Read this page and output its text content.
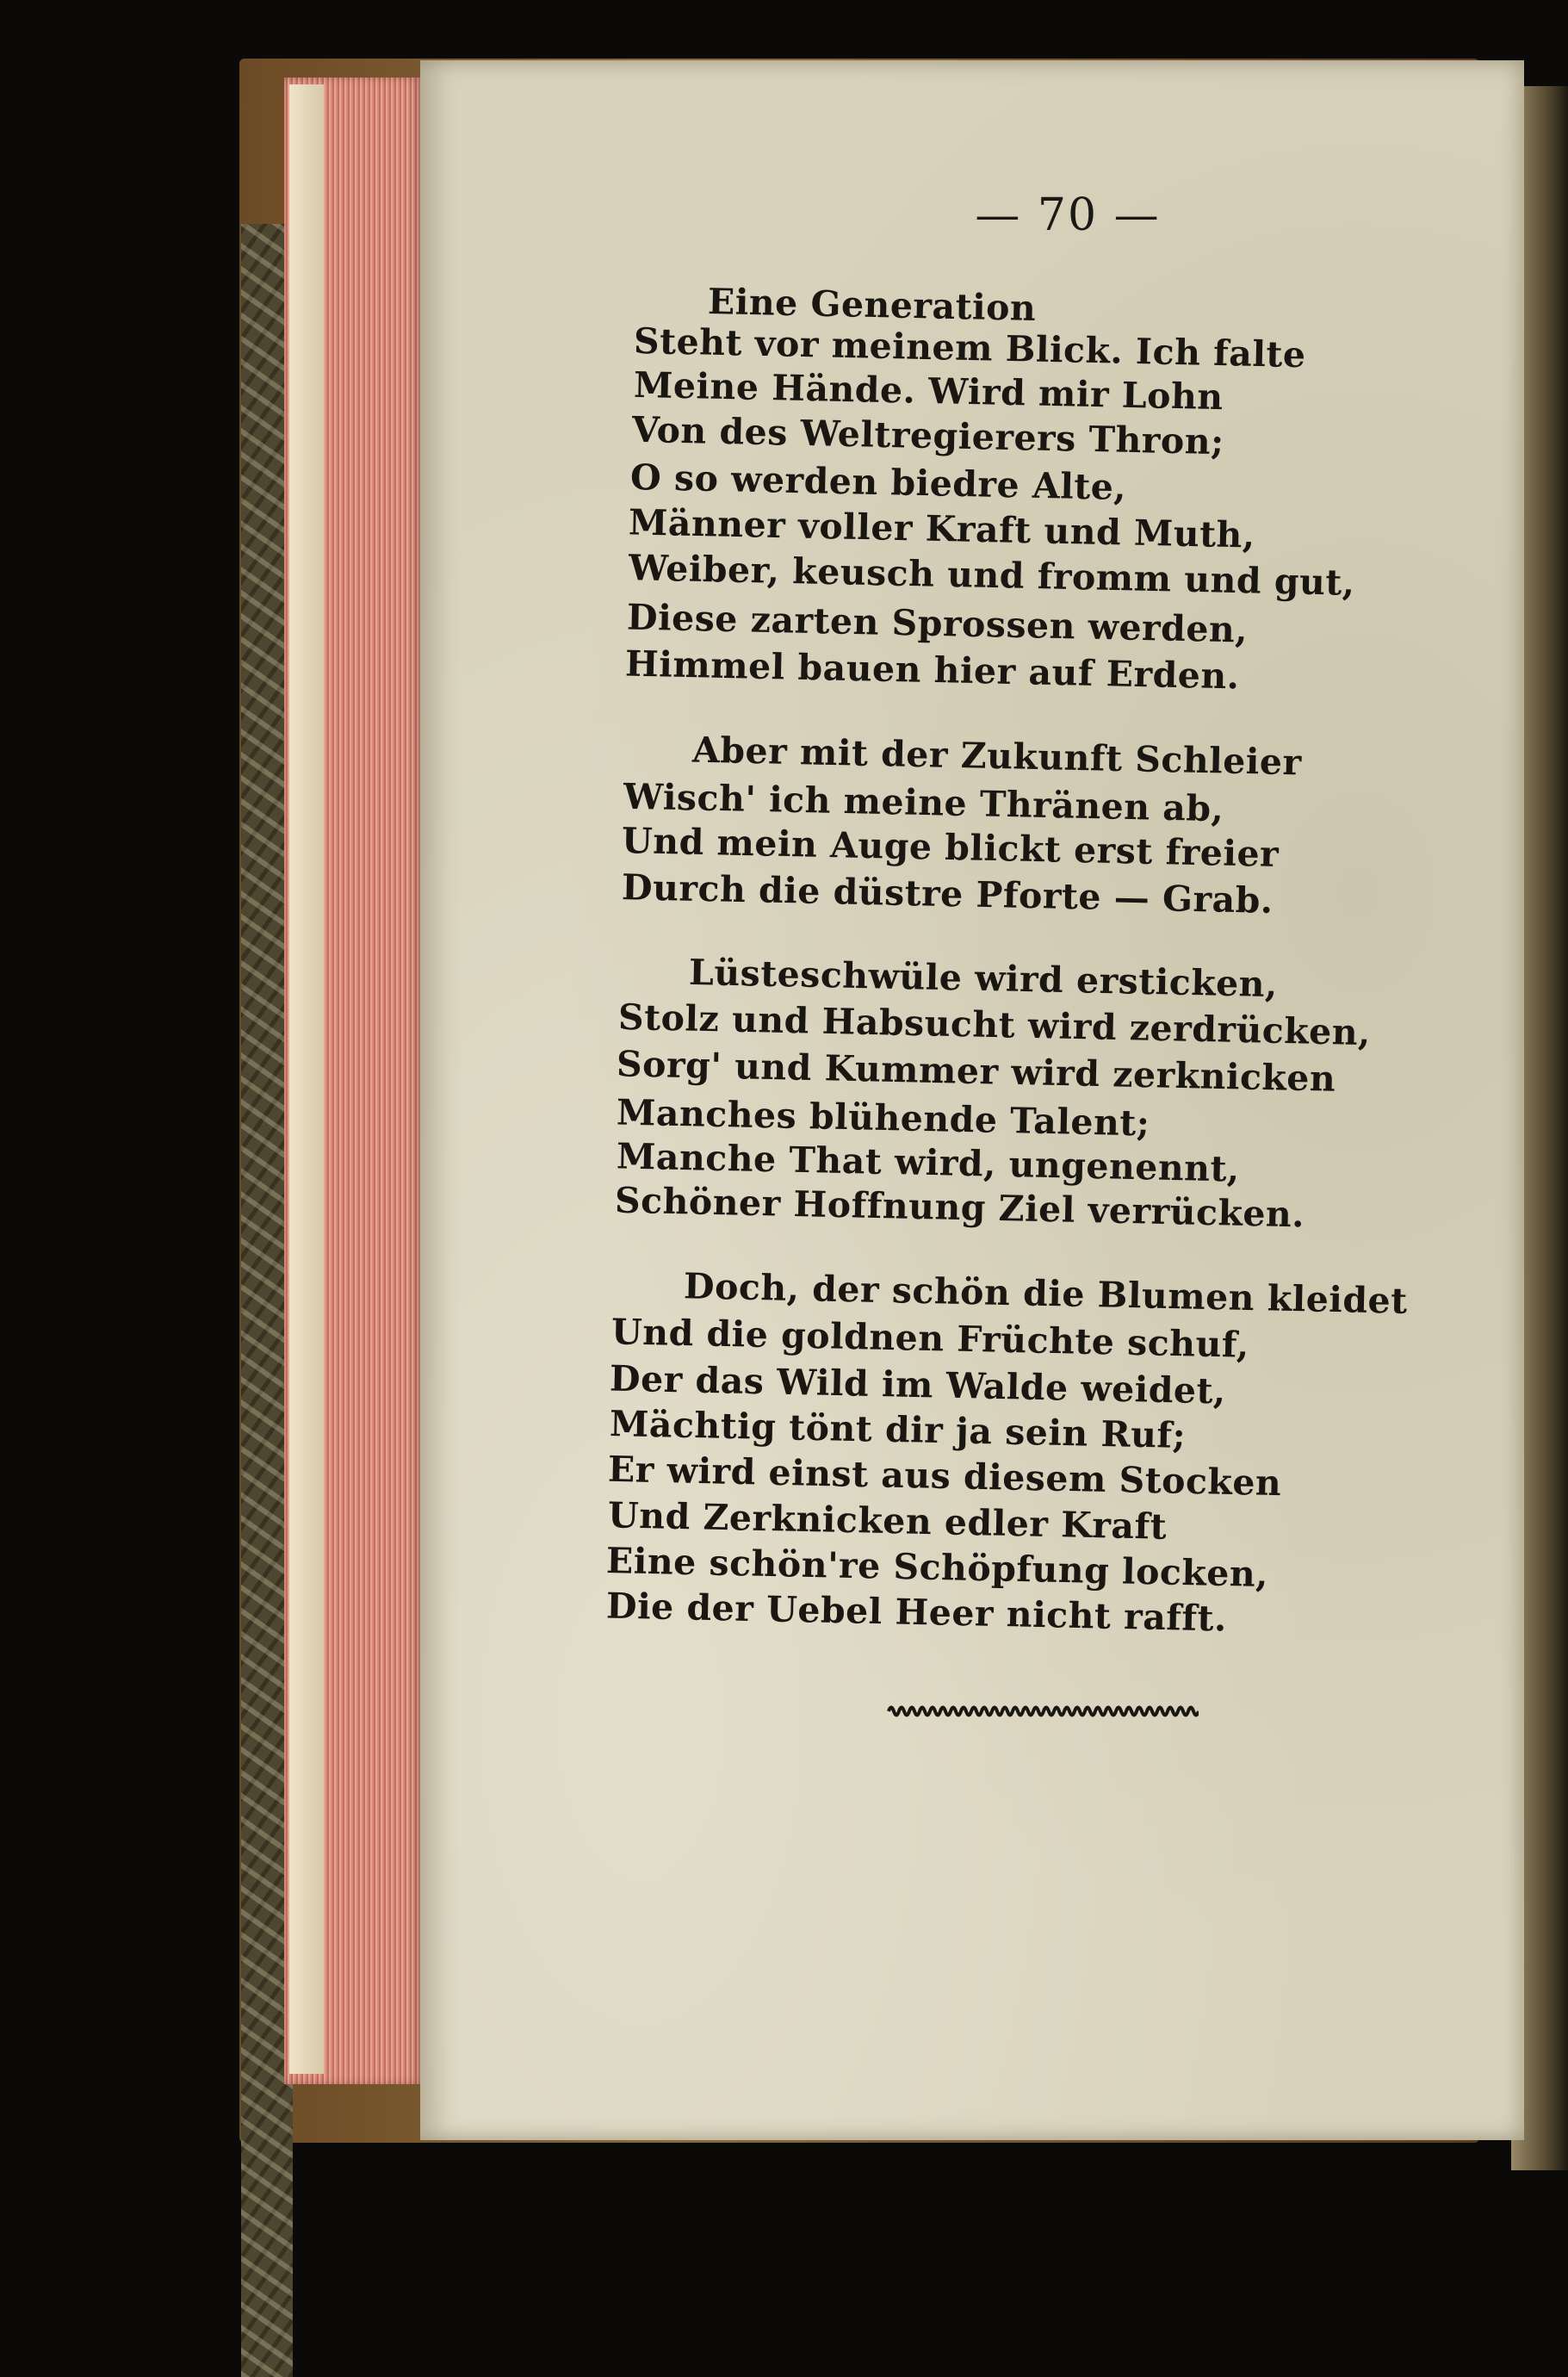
— 70 —
Eine Generation
Steht vor meinem Blick. Ich falte
Meine Hände. Wird mir Lohn
Von des Weltregierers Thron;
O so werden biedre Alte,
Männer voller Kraft und Muth,
Weiber, keusch und fromm und gut,
Diese zarten Sprossen werden,
Himmel bauen hier auf Erden.
Aber mit der Zukunft Schleier
Wisch' ich meine Thränen ab,
Und mein Auge blickt erst freier
Durch die düstre Pforte — Grab.
Lüsteschwüle wird ersticken,
Stolz und Habsucht wird zerdrücken,
Sorg' und Kummer wird zerknicken
Manches blühende Talent;
Manche That wird, ungenennt,
Schöner Hoffnung Ziel verrücken.
Doch, der schön die Blumen kleidet
Und die goldnen Früchte schuf,
Der das Wild im Walde weidet,
Mächtig tönt dir ja sein Ruf;
Er wird einst aus diesem Stocken
Und Zerknicken edler Kraft
Eine schön're Schöpfung locken,
Die der Uebel Heer nicht rafft.
